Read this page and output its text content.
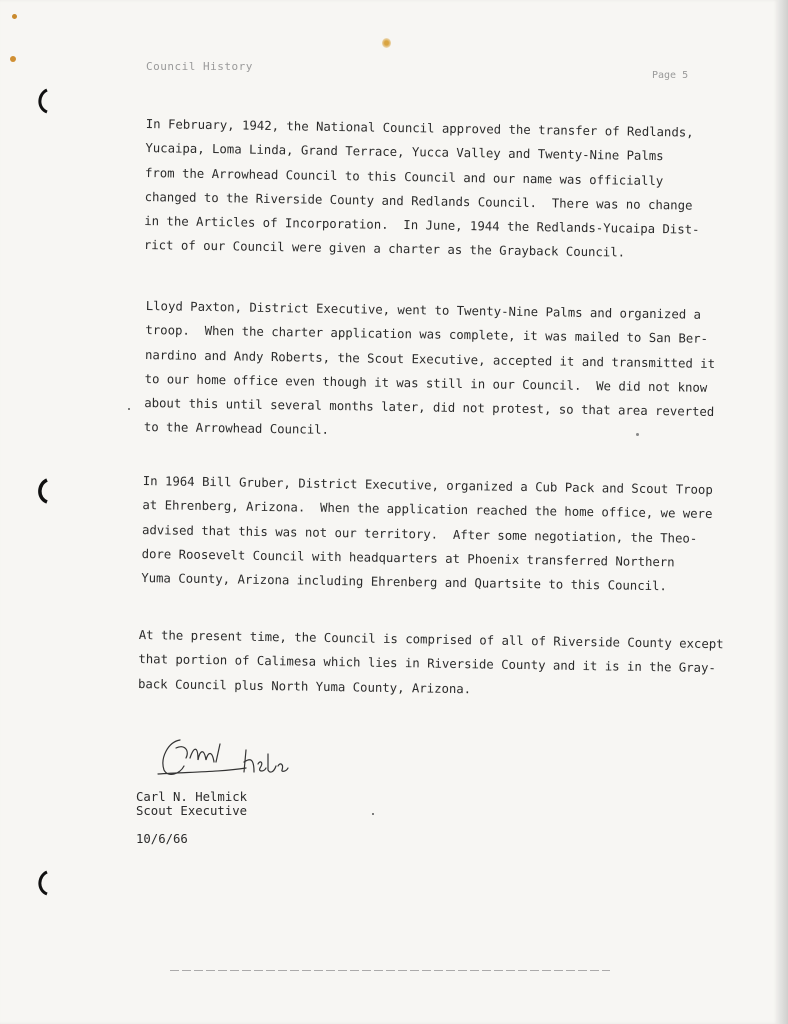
Council History
Page 5
In February, 1942, the National Council approved the transfer of Redlands,
Yucaipa, Loma Linda, Grand Terrace, Yucca Valley and Twenty-Nine Palms
from the Arrowhead Council to this Council and our name was officially
changed to the Riverside County and Redlands Council.  There was no change
in the Articles of Incorporation.  In June, 1944 the Redlands-Yucaipa Dist-
rict of our Council were given a charter as the Grayback Council.
Lloyd Paxton, District Executive, went to Twenty-Nine Palms and organized a
troop.  When the charter application was complete, it was mailed to San Ber-
nardino and Andy Roberts, the Scout Executive, accepted it and transmitted it
to our home office even though it was still in our Council.  We did not know
about this until several months later, did not protest, so that area reverted
to the Arrowhead Council.
In 1964 Bill Gruber, District Executive, organized a Cub Pack and Scout Troop
at Ehrenberg, Arizona.  When the application reached the home office, we were
advised that this was not our territory.  After some negotiation, the Theo-
dore Roosevelt Council with headquarters at Phoenix transferred Northern
Yuma County, Arizona including Ehrenberg and Quartsite to this Council.
At the present time, the Council is comprised of all of Riverside County except
that portion of Calimesa which lies in Riverside County and it is in the Gray-
back Council plus North Yuma County, Arizona.
Carl N. Helmick
Scout Executive
10/6/66
